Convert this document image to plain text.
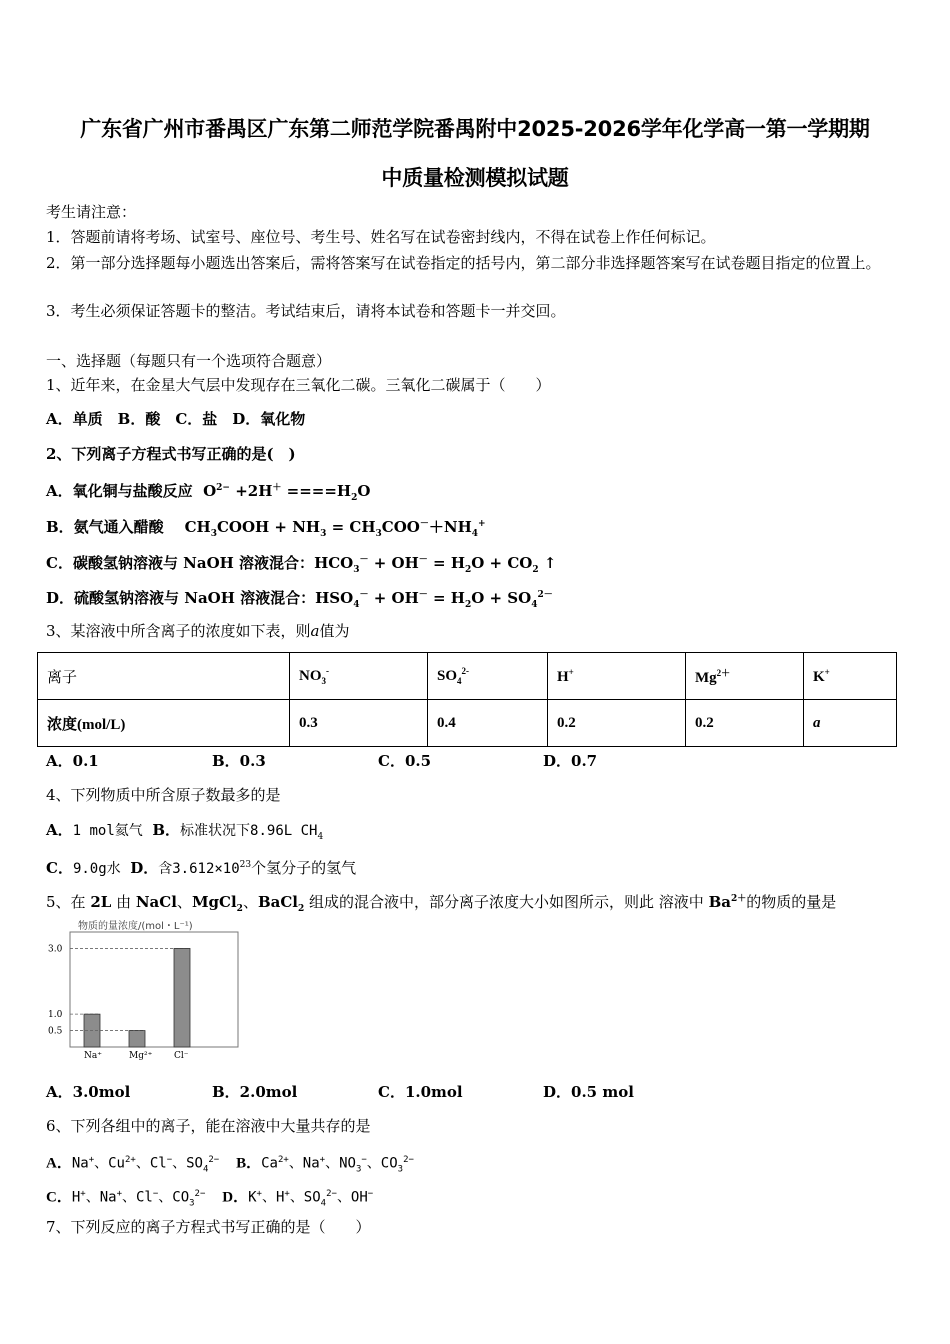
广东省广州市番禺区广东第二师范学院番禺附中2025-2026学年化学高一第一学期期
中质量检测模拟试题
考生请注意：
1．答题前请将考场、试室号、座位号、考生号、姓名写在试卷密封线内，不得在试卷上作任何标记。
2．第一部分选择题每小题选出答案后，需将答案写在试卷指定的括号内，第二部分非选择题答案写在试卷题目指定的位置上。
3．考生必须保证答题卡的整洁。考试结束后，请将本试卷和答题卡一并交回。
一、选择题（每题只有一个选项符合题意）
1、近年来，在金星大气层中发现存在三氧化二碳。三氧化二碳属于（　　）
A．单质　B．酸　C．盐　D．氧化物
2、下列离子方程式书写正确的是(　)
A．氧化铜与盐酸反应 $O^{2-} +2H^+ ====H_2O$
B．氨气通入醋酸 $CH_3COOH + NH_3 = CH_3COO^-+NH_4^+$
C．碳酸氢钠溶液与 NaOH 溶液混合：$HCO_3^- + OH^- = H_2O + CO_2$ ↑
D．硫酸氢钠溶液与 NaOH 溶液混合：$HSO_4^- + OH^- = H_2O + SO_4^{2-}$
3、某溶液中所含离子的浓度如下表，则a值为
离子	$NO_3^-$	$SO_4^{2-}$	H+	$Mg^{2+}$	K+
浓度(mol/L)	0.3	0.4	0.2	0.2	a
A．0.1	B．0.3	C．0.5	D．0.7
4、下列物质中所含原子数最多的是
A．1 mol氦气 B．标准状况下8.96L $CH_4$
C．9.0g水 D．含$3.612\times 10^{23}$个氢分子的氢气
5、在 2L 由 NaCl、MgCl$_2$、BaCl$_2$ 组成的混合液中，部分离子浓度大小如图所示，则此 溶液中 $Ba^{2+}$的物质的量是
物质的量浓度/(mol・L⁻¹)
0.5
1.0
3.0
Na⁺	Mg²⁺ Cl⁻
A．3.0mol	B．2.0mol	C．1.0mol	D．0.5 mol
6、下列各组中的离子，能在溶液中大量共存的是
A．Na+、$Cu^{2+}$、Cl−、$SO_4^{2-}$ B．$Ca^{2+}$、Na+、$NO_3^-$、$CO_3^{2-}$
C．H+、Na+、Cl−、$CO_3^{2-}$ D．K+、H+、$SO_4^{2-}$、OH−
7、下列反应的离子方程式书写正确的是（　　）
